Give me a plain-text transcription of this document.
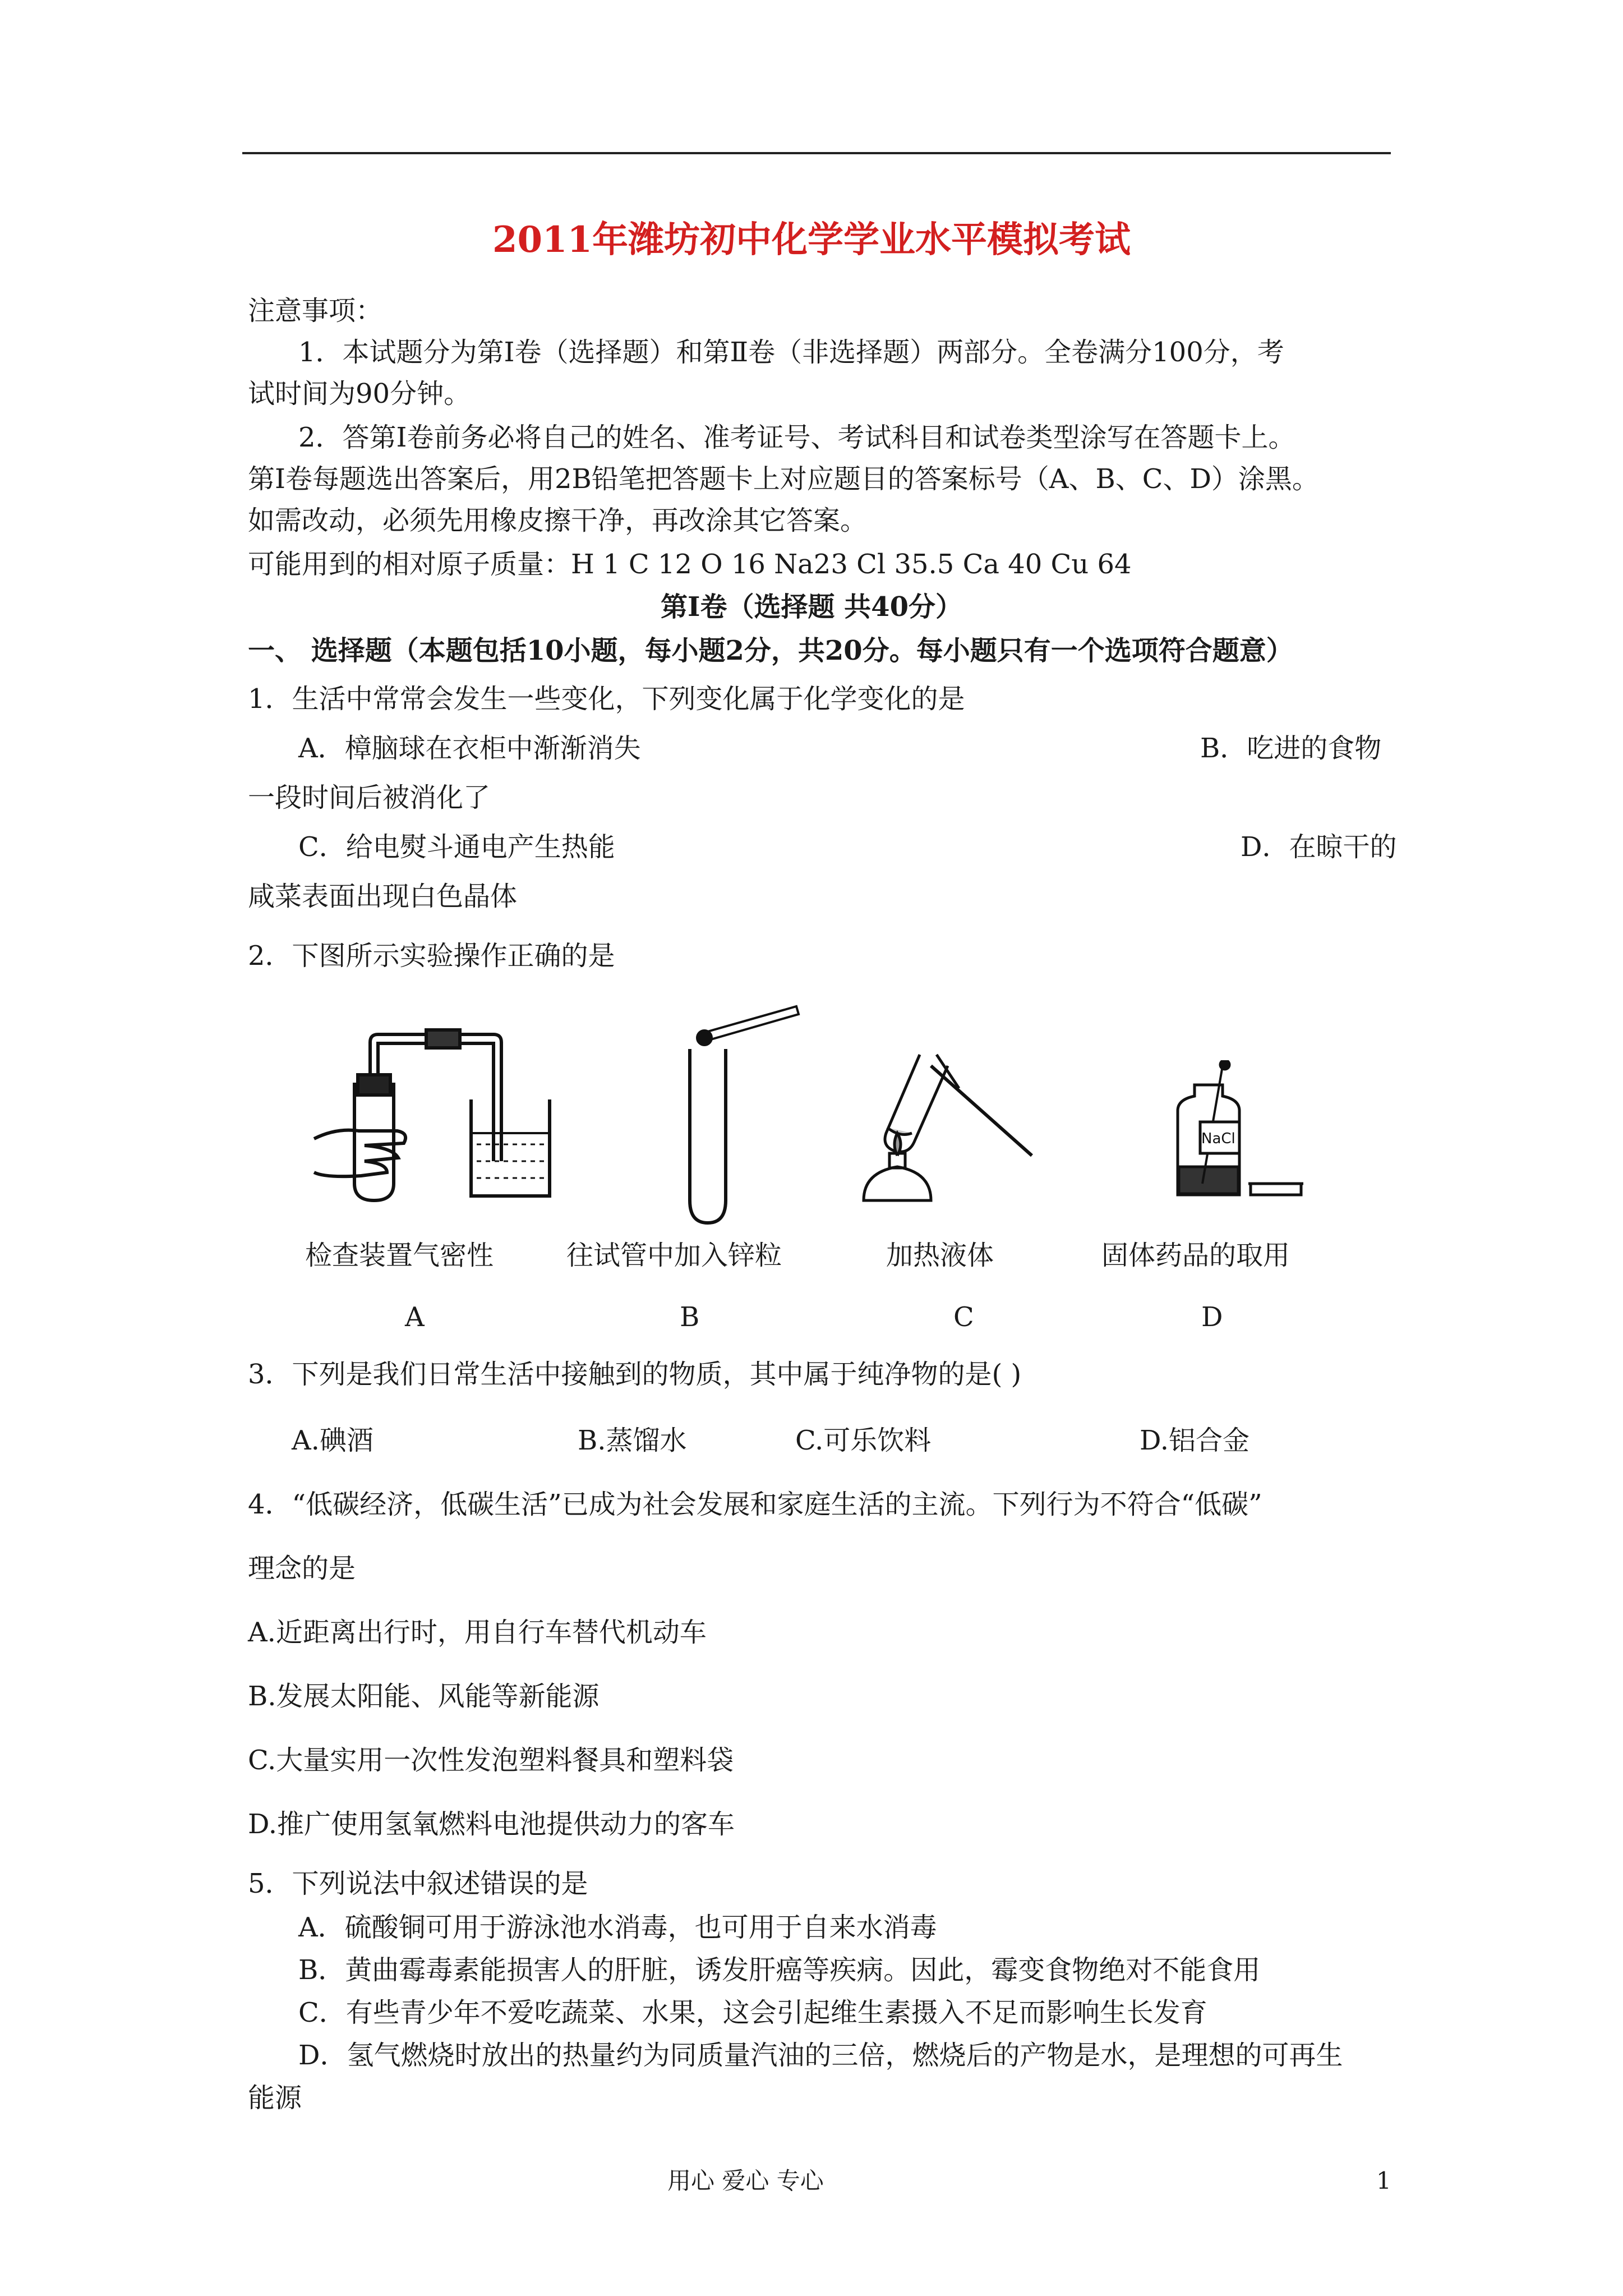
2011年潍坊初中化学学业水平模拟考试
注意事项：
1．本试题分为第Ⅰ卷（选择题）和第Ⅱ卷（非选择题）两部分。全卷满分100分，考
试时间为90分钟。
2．答第Ⅰ卷前务必将自己的姓名、准考证号、考试科目和试卷类型涂写在答题卡上。
第Ⅰ卷每题选出答案后，用2B铅笔把答题卡上对应题目的答案标号（A、B、C、D）涂黑。
如需改动，必须先用橡皮擦干净，再改涂其它答案。
可能用到的相对原子质量：H 1 C 12 O 16 Na23 Cl 35.5 Ca 40 Cu 64
第Ⅰ卷（选择题 共40分）
一、 选择题（本题包括10小题，每小题2分，共20分。每小题只有一个选项符合题意）
1．生活中常常会发生一些变化，下列变化属于化学变化的是
A．樟脑球在衣柜中渐渐消失	B．吃进的食物
一段时间后被消化了
C．给电熨斗通电产生热能	D．在晾干的
咸菜表面出现白色晶体
2．下图所示实验操作正确的是
NaCl
检查装置气密性	往试管中加入锌粒	加热液体	固体药品的取用
A	B	C	D
3．下列是我们日常生活中接触到的物质，其中属于纯净物的是( )
A.碘酒	B.蒸馏水	C.可乐饮料	D.铝合金
4．“低碳经济，低碳生活”已成为社会发展和家庭生活的主流。下列行为不符合“低碳”
理念的是
A.近距离出行时，用自行车替代机动车
B.发展太阳能、风能等新能源
C.大量实用一次性发泡塑料餐具和塑料袋
D.推广使用氢氧燃料电池提供动力的客车
5．下列说法中叙述错误的是
A．硫酸铜可用于游泳池水消毒，也可用于自来水消毒
B．黄曲霉毒素能损害人的肝脏，诱发肝癌等疾病。因此，霉变食物绝对不能食用
C．有些青少年不爱吃蔬菜、水果，这会引起维生素摄入不足而影响生长发育
D．氢气燃烧时放出的热量约为同质量汽油的三倍，燃烧后的产物是水，是理想的可再生
能源
用心 爱心 专心	1
